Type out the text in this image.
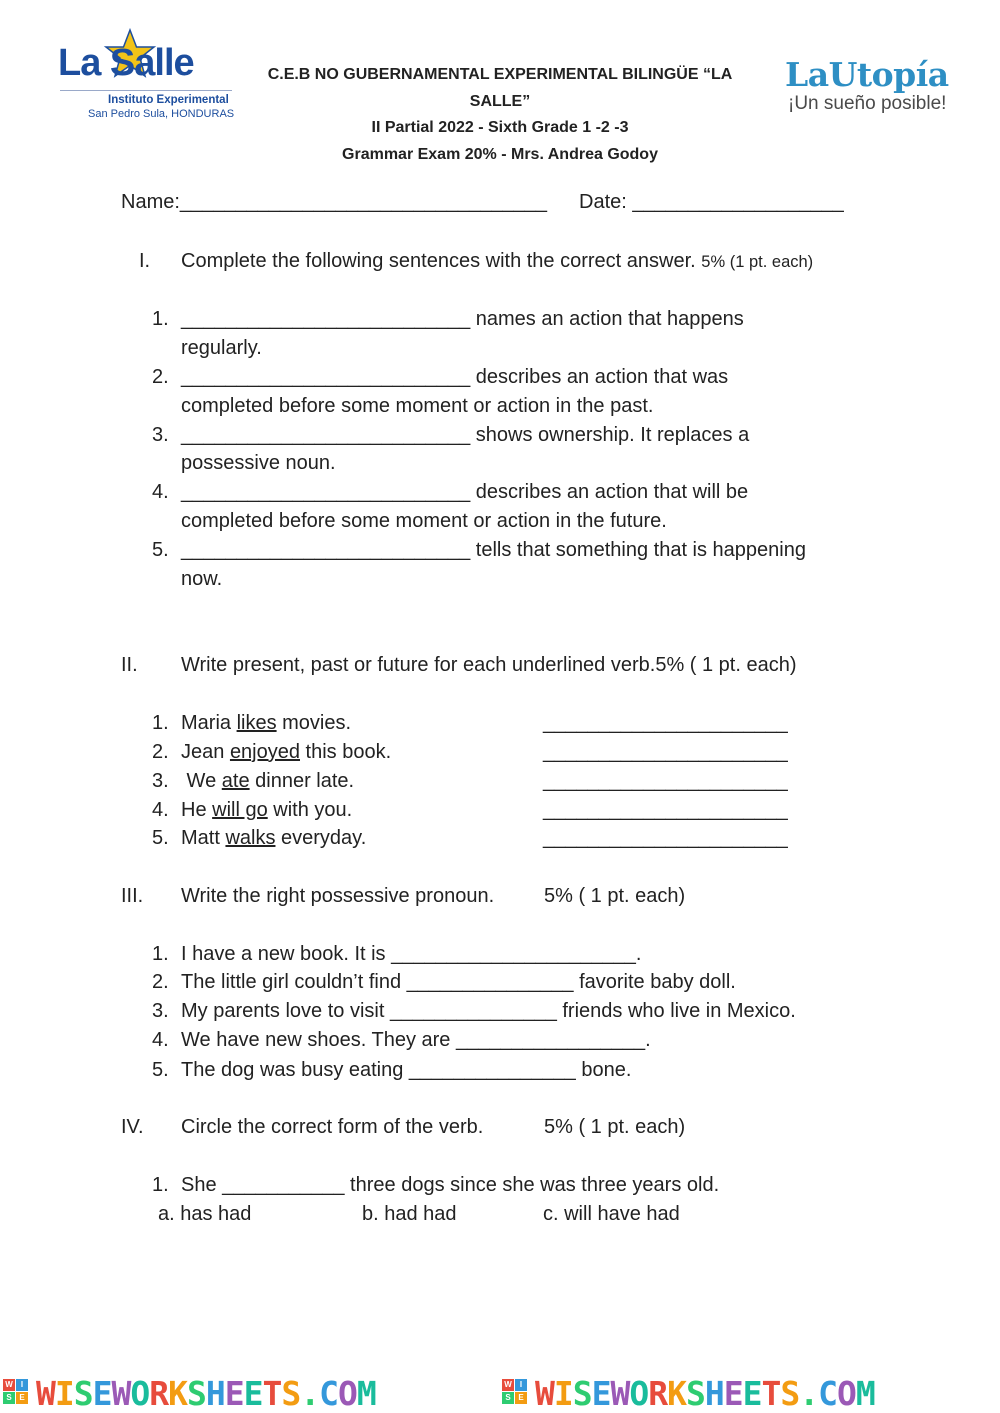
La Salle
Instituto Experimental
San Pedro Sula, HONDURAS
C.E.B NO GUBERNAMENTAL EXPERIMENTAL BILINGÜE “LA SALLE”
II Partial 2022 - Sixth Grade 1 -2 -3
Grammar Exam 20% - Mrs. Andrea Godoy
LaUtopía
¡Un sueño posible!
Name:_________________________________ Date: ___________________
I. Complete the following sentences with the correct answer. 5% (1 pt. each)
1. __________________________ names an action that happens
regularly.
2. __________________________ describes an action that was
completed before some moment or action in the past.
3. __________________________ shows ownership. It replaces a
possessive noun.
4. __________________________ describes an action that will be
completed before some moment or action in the future.
5. __________________________ tells that something that is happening
now.
II. Write present, past or future for each underlined verb.5% ( 1 pt. each)
1. Maria likes movies.	______________________
2. Jean enjoyed this book.	______________________
3. We ate dinner late.	______________________
4. He will go with you.	______________________
5. Matt walks everyday.	______________________
III. Write the right possessive pronoun. 5% ( 1 pt. each)
1. I have a new book. It is ______________________.
2. The little girl couldn’t find _______________ favorite baby doll.
3. My parents love to visit _______________ friends who live in Mexico.
4. We have new shoes. They are _________________.
5. The dog was busy eating _______________ bone.
IV. Circle the correct form of the verb.	5% ( 1 pt. each)
1. She ___________ three dogs since she was three years old.
a. has had	b. had had	c. will have had
W	I
S E WISEWORKSHEETS.COM	W	I
S E WISEWORKSHEETS.COM
